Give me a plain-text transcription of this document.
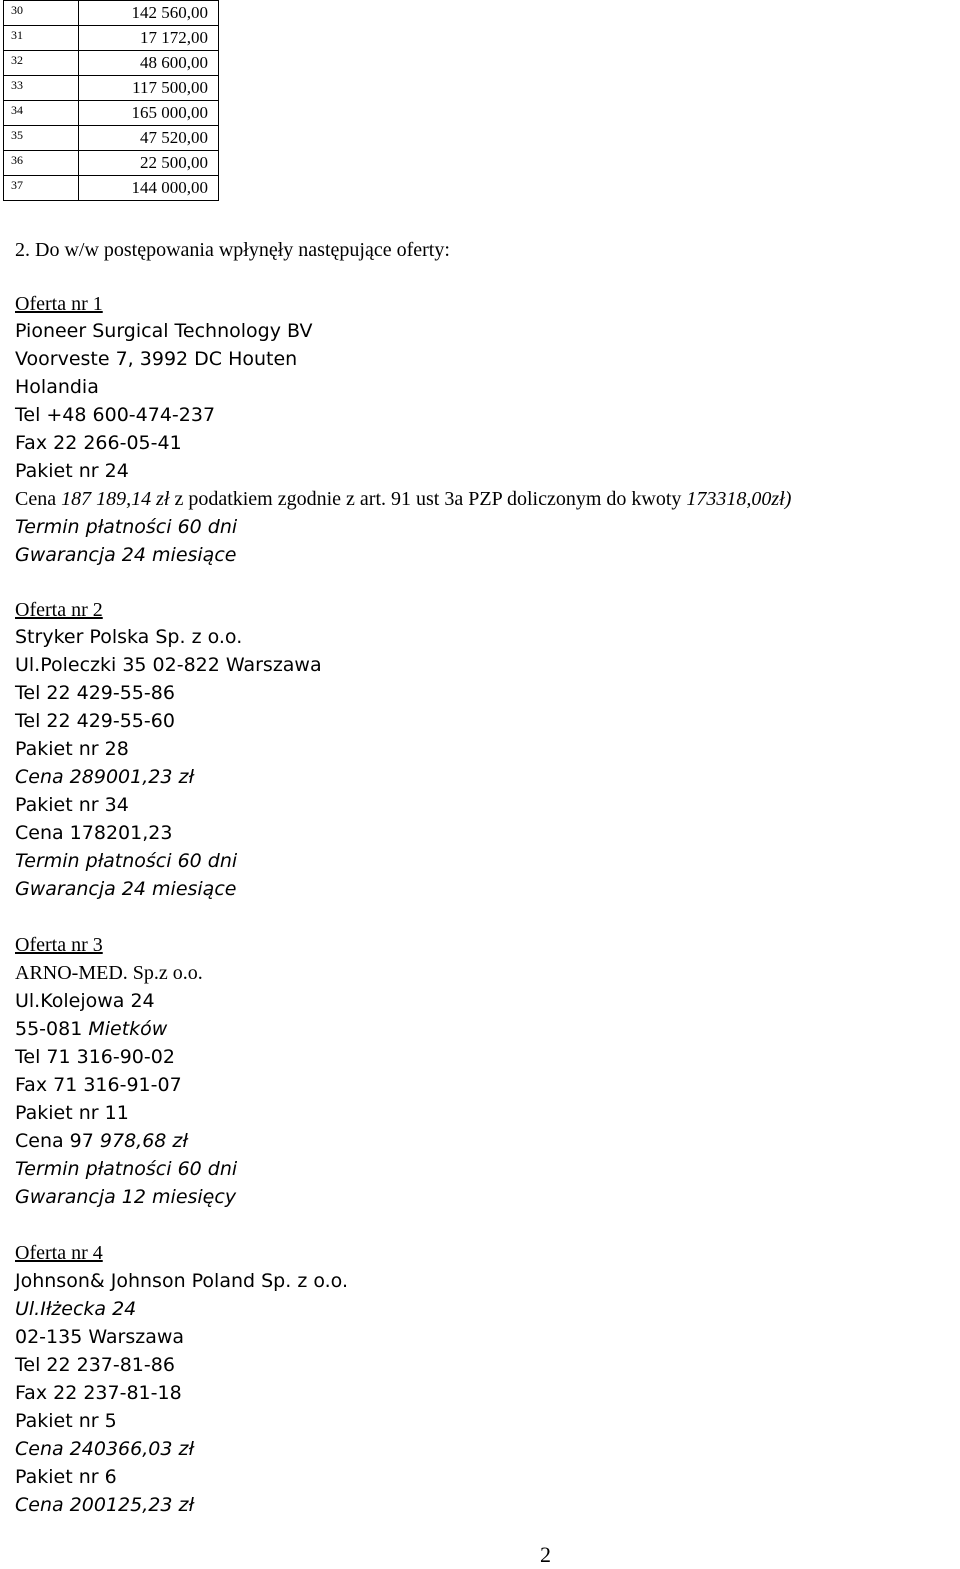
30	142 560,00
31	17 172,00
32	48 600,00
33	117 500,00
34	165 000,00
35	47 520,00
36	22 500,00
37	144 000,00
2. Do w/w postępowania wpłynęły następujące oferty:
Oferta nr 1
Pioneer Surgical Technology BV
Voorveste 7, 3992 DC Houten
Holandia
Tel +48 600-474-237
Fax 22 266-05-41
Pakiet nr 24
Cena 187 189,14 zł z podatkiem zgodnie z art. 91 ust 3a PZP doliczonym do kwoty 173318,00zł)
Termin płatności 60 dni
Gwarancja 24 miesiące
Oferta nr 2
Stryker Polska Sp. z o.o.
Ul.Poleczki 35 02-822 Warszawa
Tel 22 429-55-86
Tel 22 429-55-60
Pakiet nr 28
Cena 289001,23 zł
Pakiet nr 34
Cena 178201,23
Termin płatności 60 dni
Gwarancja 24 miesiące
Oferta nr 3
ARNO-MED. Sp.z o.o.
Ul.Kolejowa 24
55-081 Mietków
Tel 71 316-90-02
Fax 71 316-91-07
Pakiet nr 11
Cena 97 978,68 zł
Termin płatności 60 dni
Gwarancja 12 miesięcy
Oferta nr 4
Johnson& Johnson Poland Sp. z o.o.
Ul.Iłżecka 24
02-135 Warszawa
Tel 22 237-81-86
Fax 22 237-81-18
Pakiet nr 5
Cena 240366,03 zł
Pakiet nr 6
Cena 200125,23 zł
2
